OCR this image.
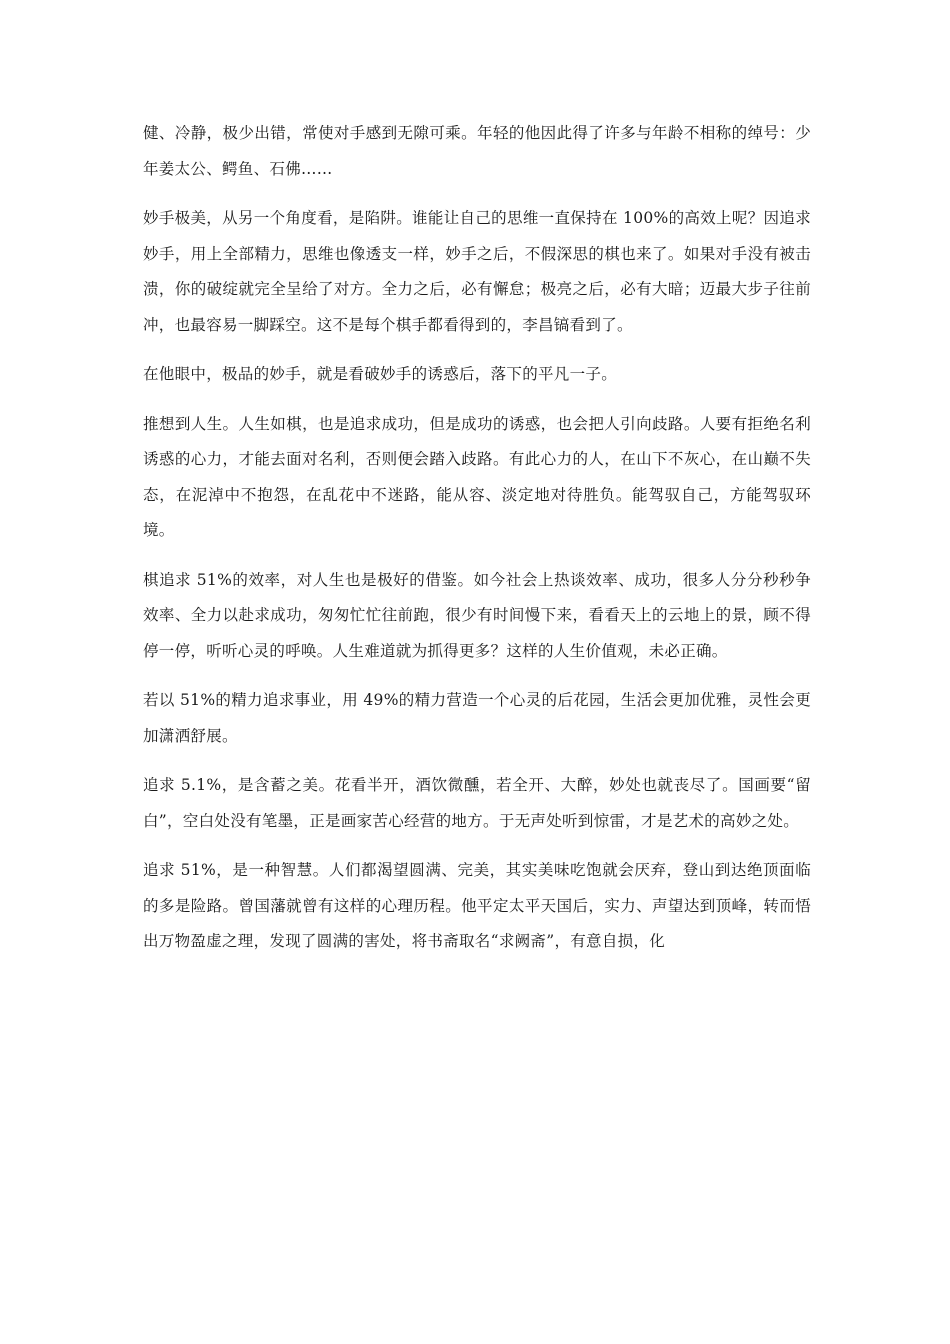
健、冷静，极少出错，常使对手感到无隙可乘。年轻的他因此得了许多与年龄不相称的绰号：少年姜太公、鳄鱼、石佛……

妙手极美，从另一个角度看，是陷阱。谁能让自己的思维一直保持在 100%的高效上呢？因追求妙手，用上全部精力，思维也像透支一样，妙手之后，不假深思的棋也来了。如果对手没有被击溃，你的破绽就完全呈给了对方。全力之后，必有懈怠；极亮之后，必有大暗；迈最大步子往前冲，也最容易一脚踩空。这不是每个棋手都看得到的，李昌镐看到了。

在他眼中，极品的妙手，就是看破妙手的诱惑后，落下的平凡一子。

推想到人生。人生如棋，也是追求成功，但是成功的诱惑，也会把人引向歧路。人要有拒绝名利诱惑的心力，才能去面对名利，否则便会踏入歧路。有此心力的人，在山下不灰心，在山巅不失态，在泥淖中不抱怨，在乱花中不迷路，能从容、淡定地对待胜负。能驾驭自己，方能驾驭环境。

棋追求 51%的效率，对人生也是极好的借鉴。如今社会上热谈效率、成功，很多人分分秒秒争效率、全力以赴求成功，匆匆忙忙往前跑，很少有时间慢下来，看看天上的云地上的景，顾不得停一停，听听心灵的呼唤。人生难道就为抓得更多？这样的人生价值观，未必正确。

若以 51%的精力追求事业，用 49%的精力营造一个心灵的后花园，生活会更加优雅，灵性会更加潇洒舒展。

追求 5.1%，是含蓄之美。花看半开，酒饮微醺，若全开、大醉，妙处也就丧尽了。国画要“留白”，空白处没有笔墨，正是画家苦心经营的地方。于无声处听到惊雷，才是艺术的高妙之处。

追求 51%，是一种智慧。人们都渴望圆满、完美，其实美味吃饱就会厌弃，登山到达绝顶面临的多是险路。曾国藩就曾有这样的心理历程。他平定太平天国后，实力、声望达到顶峰，转而悟出万物盈虚之理，发现了圆满的害处，将书斋取名“求阙斋”，有意自损，化
